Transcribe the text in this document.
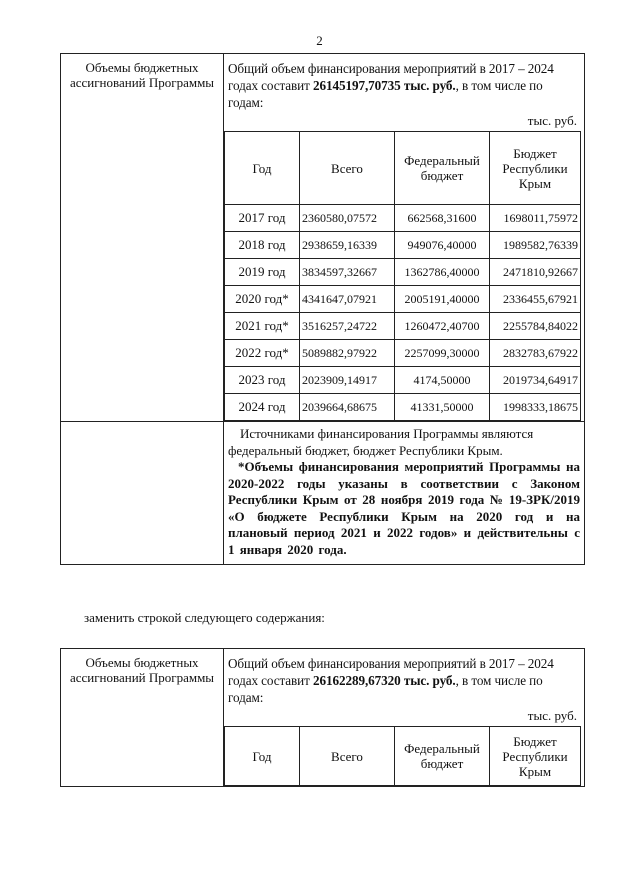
2
Объемы бюджетных ассигнований Программы	
Общий объем финансирования мероприятий в 2017 – 2024 годах составит 26145197,70735 тыс. руб., в том числе по годам:
тыс. руб.
Год	Всего	Федеральный бюджет	Бюджет Республики Крым
2017 год	2360580,07572	662568,31600	1698011,75972
2018 год	2938659,16339	949076,40000	1989582,76339
2019 год	3834597,32667	1362786,40000	2471810,92667
2020 год*	4341647,07921	2005191,40000	2336455,67921
2021 год*	3516257,24722	1260472,40700	2255784,84022
2022 год*	5089882,97922	2257099,30000	2832783,67922
2023 год	2023909,14917	4174,50000	2019734,64917
2024 год	2039664,68675	41331,50000	1998333,18675

Источниками финансирования Программы являются федеральный бюджет, бюджет Республики Крым.

*Объемы финансирования мероприятий Программы на 2020-2022 годы указаны в соответствии с Законом Республики Крым от 28 ноября 2019 года № 19-ЗРК/2019 «О бюджете Республики Крым на 2020 год и на плановый период 2021 и 2022 годов» и действительны с 1 января 2020 года.

заменить строкой следующего содержания:
Объемы бюджетных ассигнований Программы	
Общий объем финансирования мероприятий в 2017 – 2024 годах составит 26162289,67320 тыс. руб., в том числе по годам:
тыс. руб.
Год	Всего	Федеральный бюджет	Бюджет Республики Крым
